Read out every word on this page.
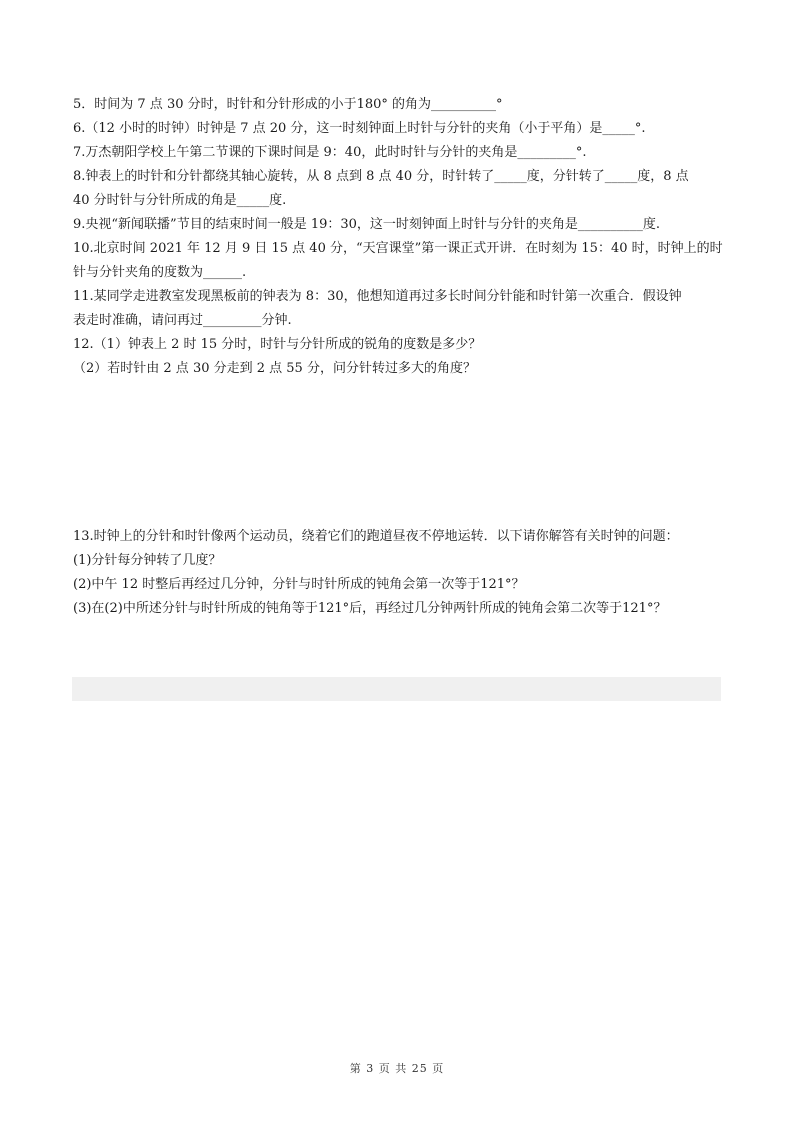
5．时间为 7 点 30 分时，时针和分针形成的小于180° 的角为__________°
6.（12 小时的时钟）时钟是 7 点 20 分，这一时刻钟面上时针与分针的夹角（小于平角）是_____°.
7.万杰朝阳学校上午第二节课的下课时间是 9：40，此时时针与分针的夹角是_________°.
8.钟表上的时针和分针都绕其轴心旋转，从 8 点到 8 点 40 分，时针转了_____度，分针转了_____度，8 点
40 分时针与分针所成的角是_____度.
9.央视“新闻联播”节目的结束时间一般是 19：30，这一时刻钟面上时针与分针的夹角是__________度.
10.北京时间 2021 年 12 月 9 日 15 点 40 分，“天宫课堂”第一课正式开讲．在时刻为 15：40 时，时钟上的时
针与分针夹角的度数为______.
11.某同学走进教室发现黑板前的钟表为 8：30，他想知道再过多长时间分针能和时针第一次重合．假设钟
表走时准确，请问再过_________分钟.
12.（1）钟表上 2 时 15 分时，时针与分针所成的锐角的度数是多少？
（2）若时针由 2 点 30 分走到 2 点 55 分，问分针转过多大的角度？
13.时钟上的分针和时针像两个运动员，绕着它们的跑道昼夜不停地运转．以下请你解答有关时钟的问题：
(1)分针每分钟转了几度？
(2)中午 12 时整后再经过几分钟，分针与时针所成的钝角会第一次等于121°？
(3)在(2)中所述分针与时针所成的钝角等于121°后，再经过几分钟两针所成的钝角会第二次等于121°？
第 3 页 共 25 页
